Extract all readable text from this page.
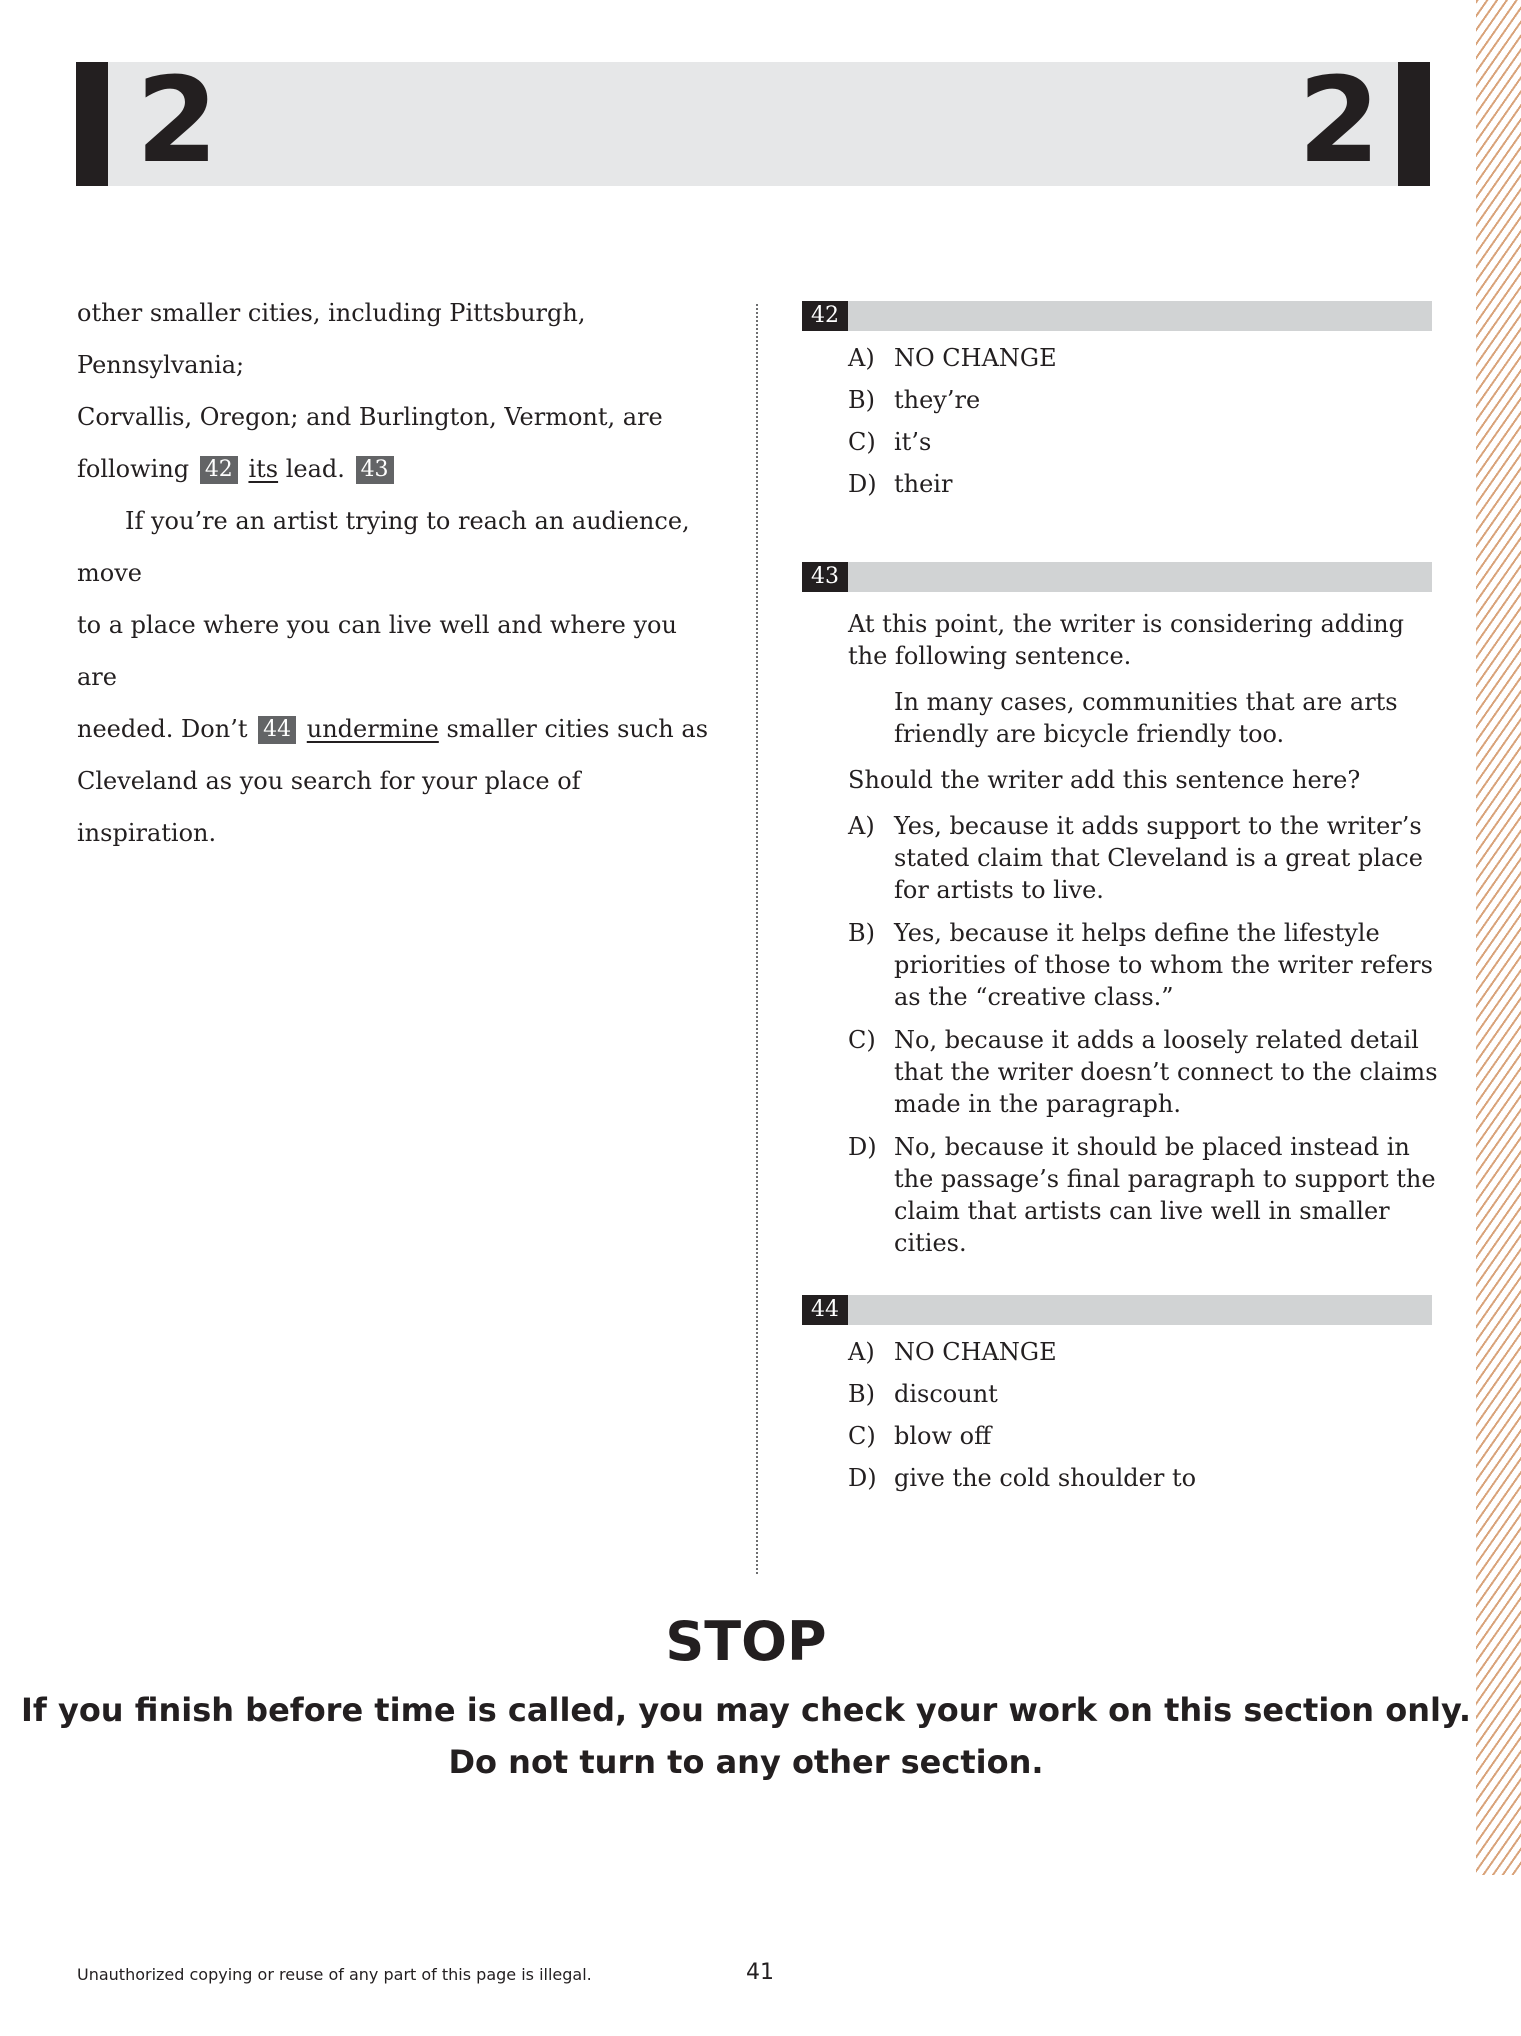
2	2

other smaller cities, including Pittsburgh, Pennsylvania;

Corvallis, Oregon; and Burlington, Vermont, are

following 42 its lead. 43

If you’re an artist trying to reach an audience, move

to a place where you can live well and where you are

needed. Don’t 44 undermine smaller cities such as

Cleveland as you search for your place of inspiration.

42
A) NO CHANGE
B) they’re
C) it’s
D) their
43
At this point, the writer is considering adding the following sentence.
In many cases, communities that are arts friendly are bicycle friendly too.
Should the writer add this sentence here?
A) Yes, because it adds support to the writer’s stated claim that Cleveland is a great place for artists to live.
B) Yes, because it helps define the lifestyle priorities of those to whom the writer refers as the “creative class.”
C) No, because it adds a loosely related detail that the writer doesn’t connect to the claims made in the paragraph.
D) No, because it should be placed instead in the passage’s final paragraph to support the claim that artists can live well in smaller cities.
44
A) NO CHANGE
B) discount
C) blow off
D) give the cold shoulder to
STOP
If you finish before time is called, you may check your work on this section only.
Do not turn to any other section.
Unauthorized copying or reuse of any part of this page is illegal.	41
